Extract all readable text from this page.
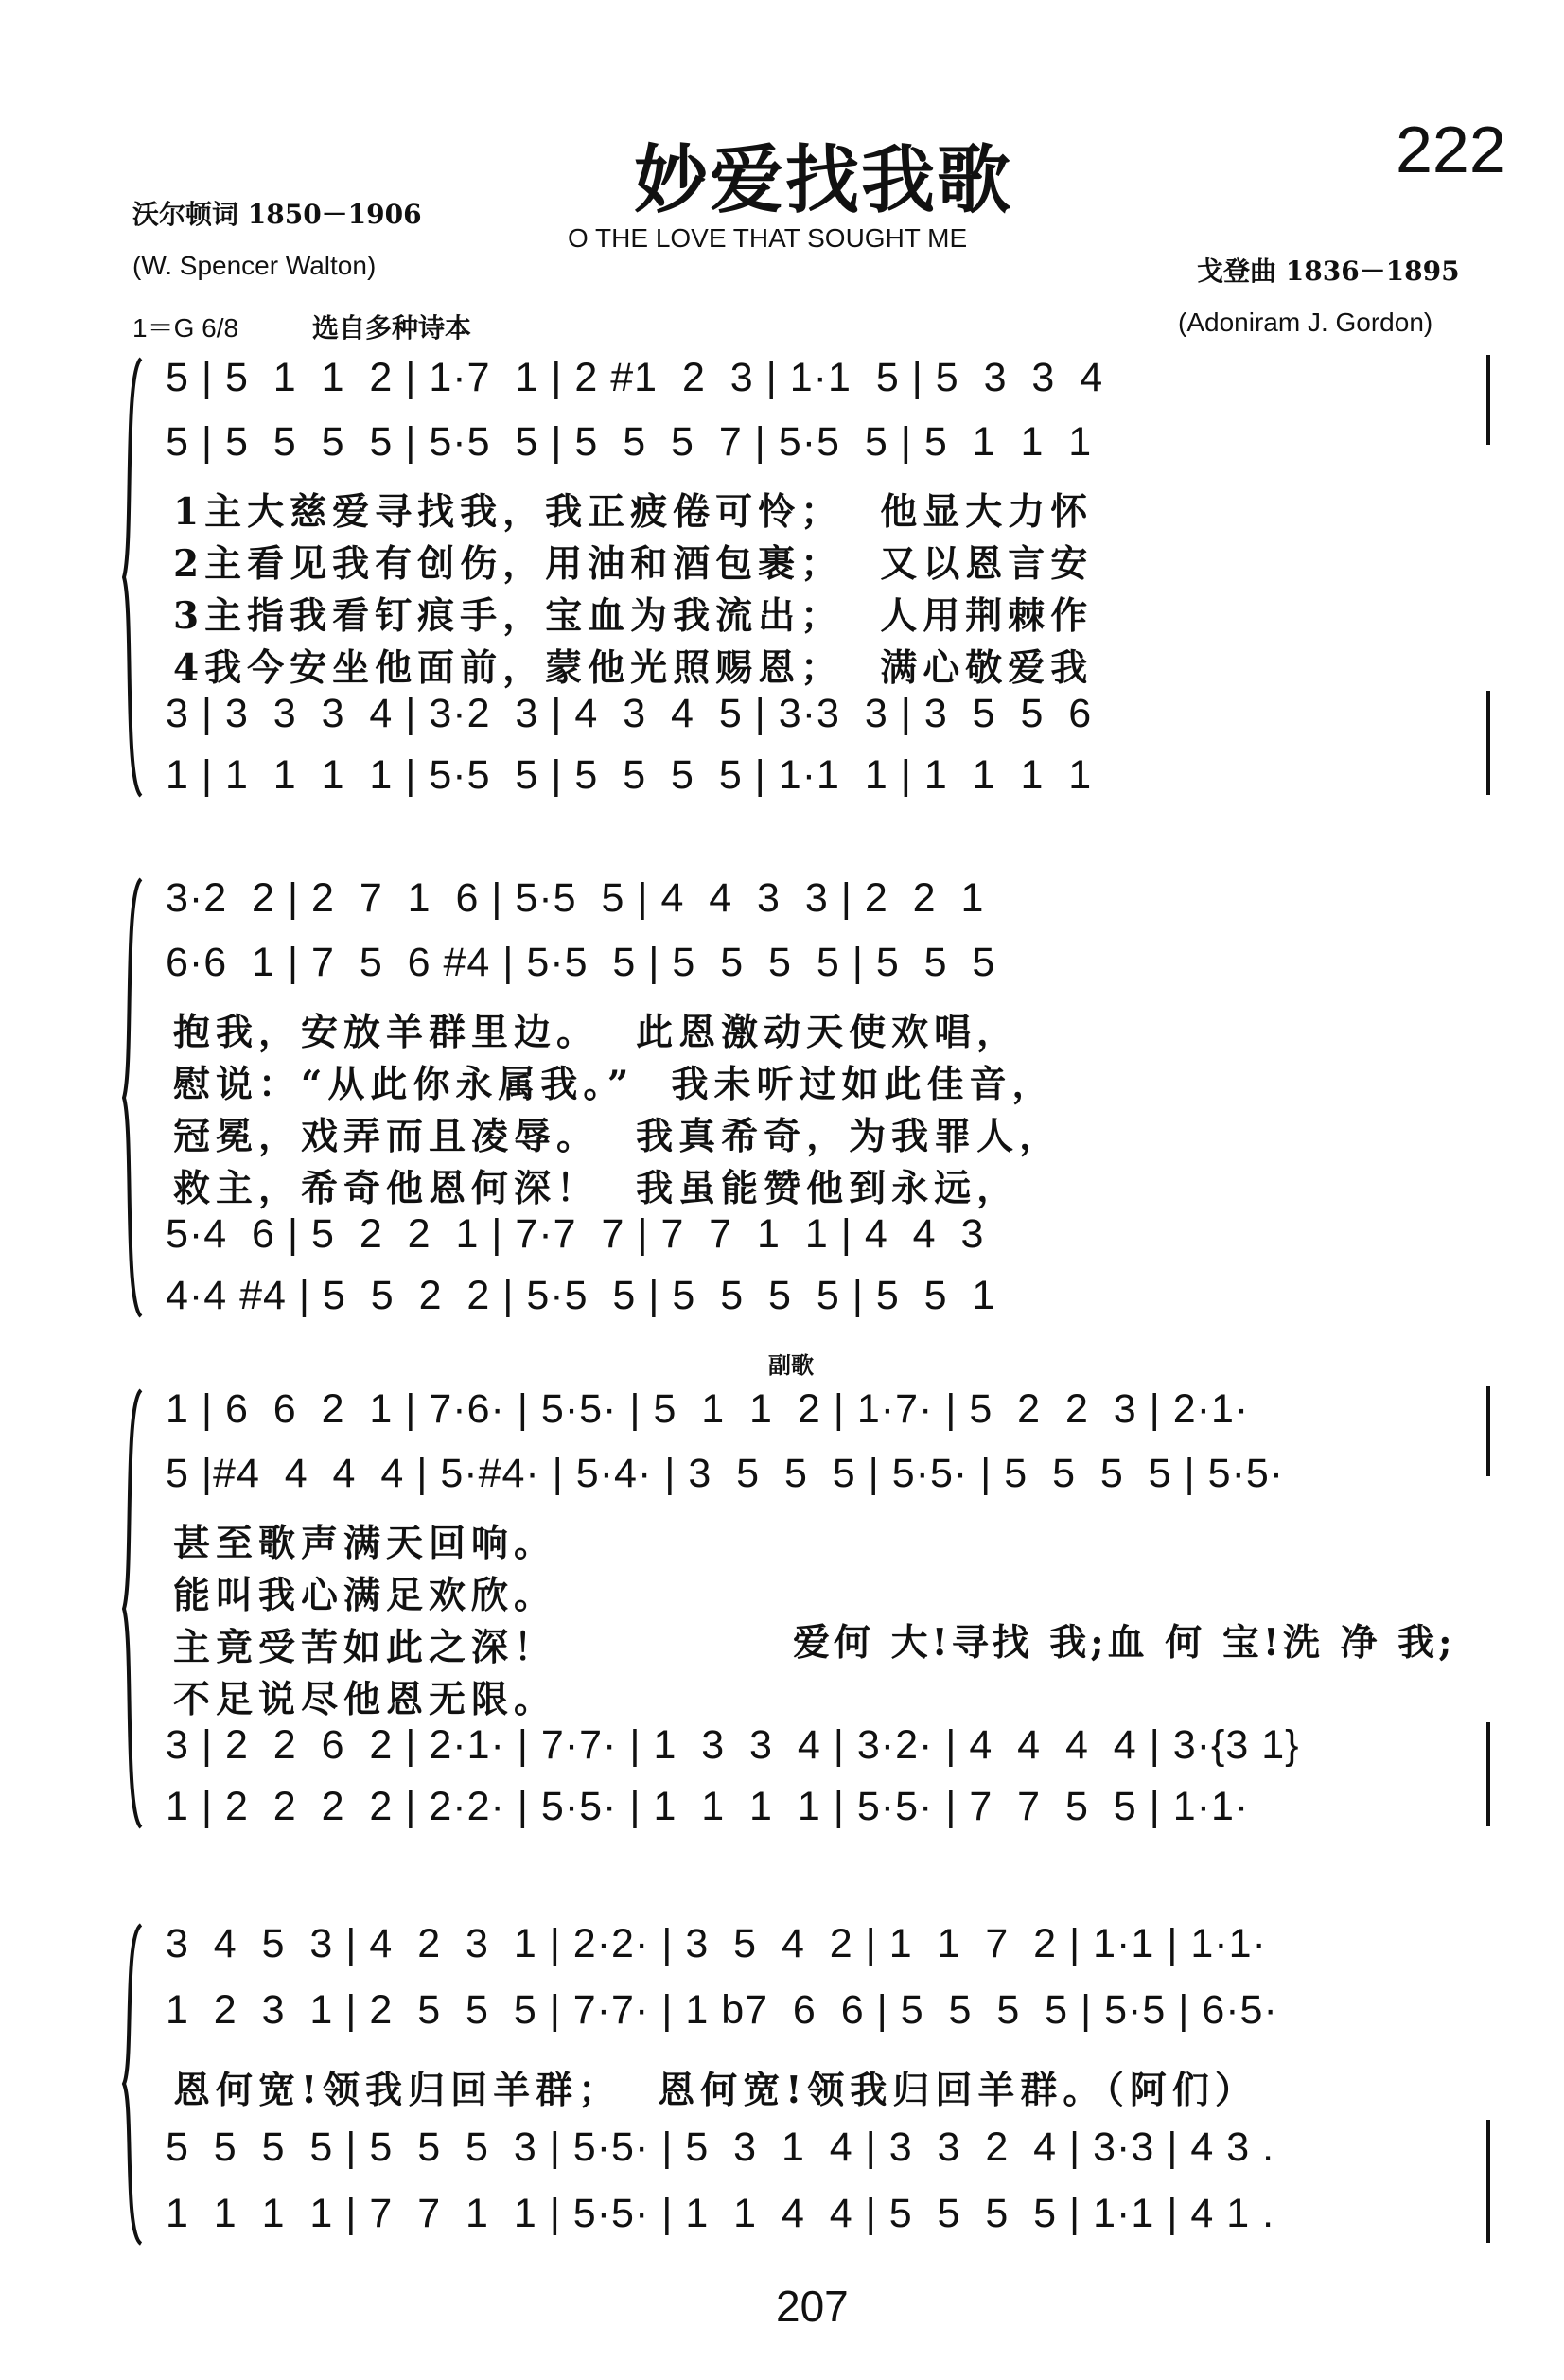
妙爱找我歌	222
O THE LOVE THAT SOUGHT ME
沃尔顿词 1850－1906
(W. Spencer Walton)	戈登曲 1836－1895
(Adoniram J. Gordon)
1＝G 6/8	选自多种诗本
5 | 5  1  1  2 | 1·7  1 | 2 #1  2  3 | 1·1  5 | 5  3  3  4
5 | 5  5  5  5 | 5·5  5 | 5  5  5  7 | 5·5  5 | 5  1  1  1
1主大慈爱寻找我，我正疲倦可怜；  他显大力怀
2主看见我有创伤，用油和酒包裹；  又以恩言安
3主指我看钉痕手，宝血为我流出；  人用荆棘作
4我今安坐他面前，蒙他光照赐恩；  满心敬爱我
3 | 3  3  3  4 | 3·2  3 | 4  3  4  5 | 3·3  3 | 3  5  5  6
1 | 1  1  1  1 | 5·5  5 | 5  5  5  5 | 1·1  1 | 1  1  1  1
3·2  2 | 2  7  1  6 | 5·5  5 | 4  4  3  3 | 2  2  1
6·6  1 | 7  5  6 #4 | 5·5  5 | 5  5  5  5 | 5  5  5
抱我，安放羊群里边。  此恩激动天使欢唱，
慰说：“从此你永属我。”  我未听过如此佳音，
冠冕，戏弄而且凌辱。  我真希奇，为我罪人，
救主，希奇他恩何深！  我虽能赞他到永远，
5·4  6 | 5  2  2  1 | 7·7  7 | 7  7  1  1 | 4  4  3
4·4 #4 | 5  5  2  2 | 5·5  5 | 5  5  5  5 | 5  5  1
副歌
1 | 6  6  2  1 | 7·6· | 5·5· | 5  1  1  2 | 1·7· | 5  2  2  3 | 2·1·
5 |#4  4  4  4 | 5·#4· | 5·4· | 3  5  5  5 | 5·5· | 5  5  5  5 | 5·5·
甚至歌声满天回响。
能叫我心满足欢欣。
主竟受苦如此之深！
不足说尽他恩无限。
3 | 2  2  6  2 | 2·1· | 7·7· | 1  3  3  4 | 3·2· | 4  4  4  4 | 3·{3 1}
1 | 2  2  2  2 | 2·2· | 5·5· | 1  1  1  1 | 5·5· | 7  7  5  5 | 1·1·
爱何 大!寻找 我;血 何 宝!洗 净 我;
3  4  5  3 | 4  2  3  1 | 2·2· | 3  5  4  2 | 1  1  7  2 | 1·1 | 1·1·
1  2  3  1 | 2  5  5  5 | 7·7· | 1 b7  6  6 | 5  5  5  5 | 5·5 | 6·5·
恩何宽!领我归回羊群；  恩何宽!领我归回羊群。（阿们）
5  5  5  5 | 5  5  5  3 | 5·5· | 5  3  1  4 | 3  3  2  4 | 3·3 | 4 3 .
1  1  1  1 | 7  7  1  1 | 5·5· | 1  1  4  4 | 5  5  5  5 | 1·1 | 4 1 .
207
